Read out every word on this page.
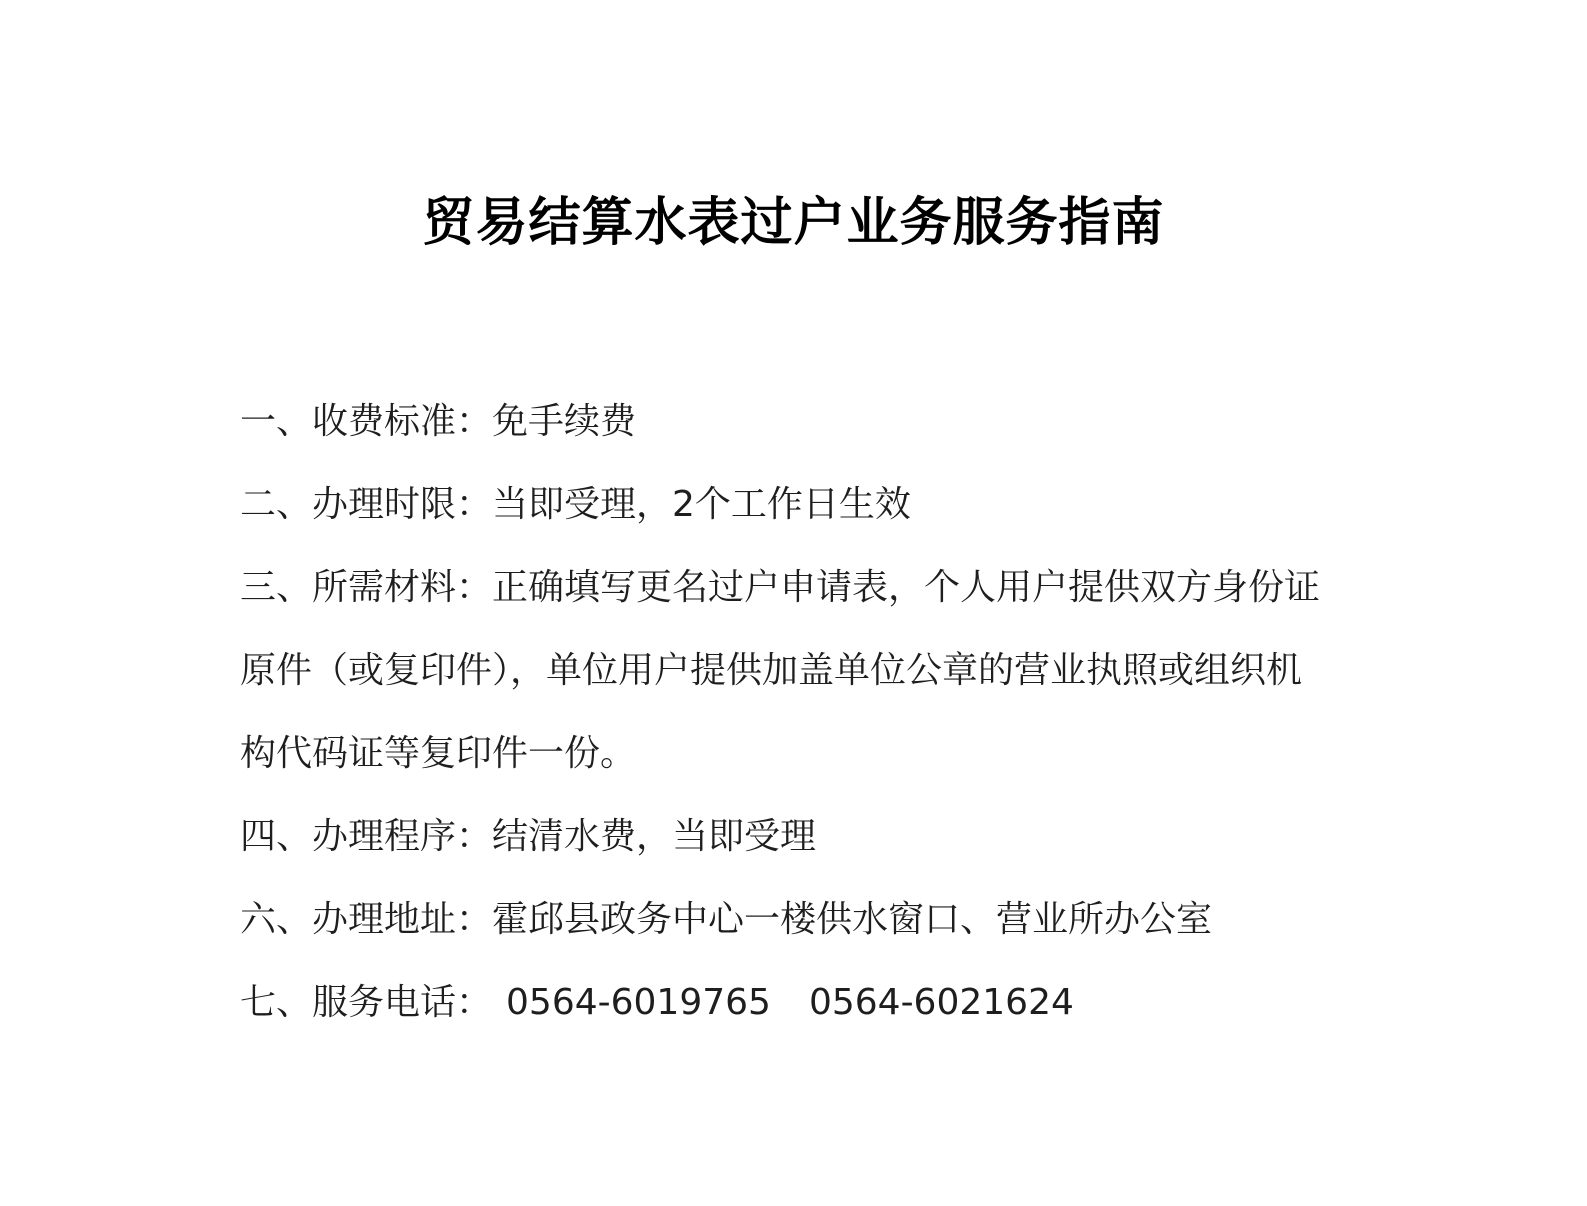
贸易结算水表过户业务服务指南
一、收费标准：免手续费
二、办理时限：当即受理，2个工作日生效
三、所需材料：正确填写更名过户申请表，个人用户提供双方身份证
原件（或复印件），单位用户提供加盖单位公章的营业执照或组织机
构代码证等复印件一份。
四、办理程序：结清水费，当即受理
六、办理地址：霍邱县政务中心一楼供水窗口、营业所办公室
七、服务电话： 0564-6019765 0564-6021624
